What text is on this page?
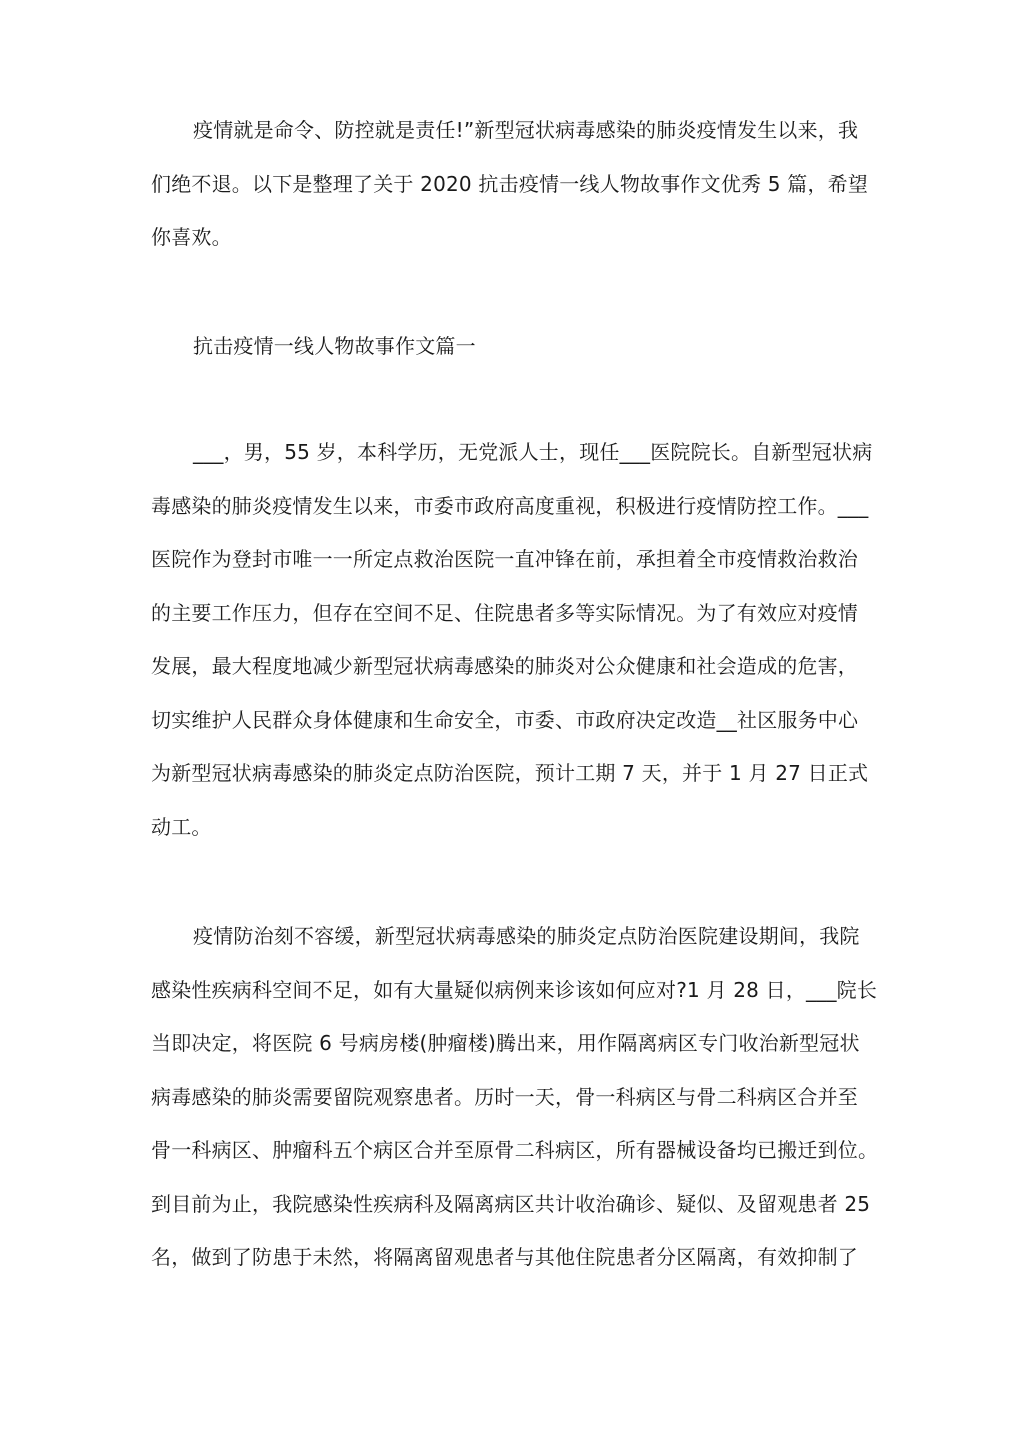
疫情就是命令、防控就是责任!”新型冠状病毒感染的肺炎疫情发生以来，我
们绝不退。以下是整理了关于 2020 抗击疫情一线人物故事作文优秀 5 篇，希望
你喜欢。

抗击疫情一线人物故事作文篇一

___，男，55 岁，本科学历，无党派人士，现任___医院院长。自新型冠状病
毒感染的肺炎疫情发生以来，市委市政府高度重视，积极进行疫情防控工作。___
医院作为登封市唯一一所定点救治医院一直冲锋在前，承担着全市疫情救治救治
的主要工作压力，但存在空间不足、住院患者多等实际情况。为了有效应对疫情
发展，最大程度地减少新型冠状病毒感染的肺炎对公众健康和社会造成的危害，
切实维护人民群众身体健康和生命安全，市委、市政府决定改造__社区服务中心
为新型冠状病毒感染的肺炎定点防治医院，预计工期 7 天，并于 1 月 27 日正式
动工。

疫情防治刻不容缓，新型冠状病毒感染的肺炎定点防治医院建设期间，我院
感染性疾病科空间不足，如有大量疑似病例来诊该如何应对?1 月 28 日，___院长
当即决定，将医院 6 号病房楼(肿瘤楼)腾出来，用作隔离病区专门收治新型冠状
病毒感染的肺炎需要留院观察患者。历时一天，骨一科病区与骨二科病区合并至
骨一科病区、肿瘤科五个病区合并至原骨二科病区，所有器械设备均已搬迁到位。
到目前为止，我院感染性疾病科及隔离病区共计收治确诊、疑似、及留观患者 25
名，做到了防患于未然，将隔离留观患者与其他住院患者分区隔离，有效抑制了
